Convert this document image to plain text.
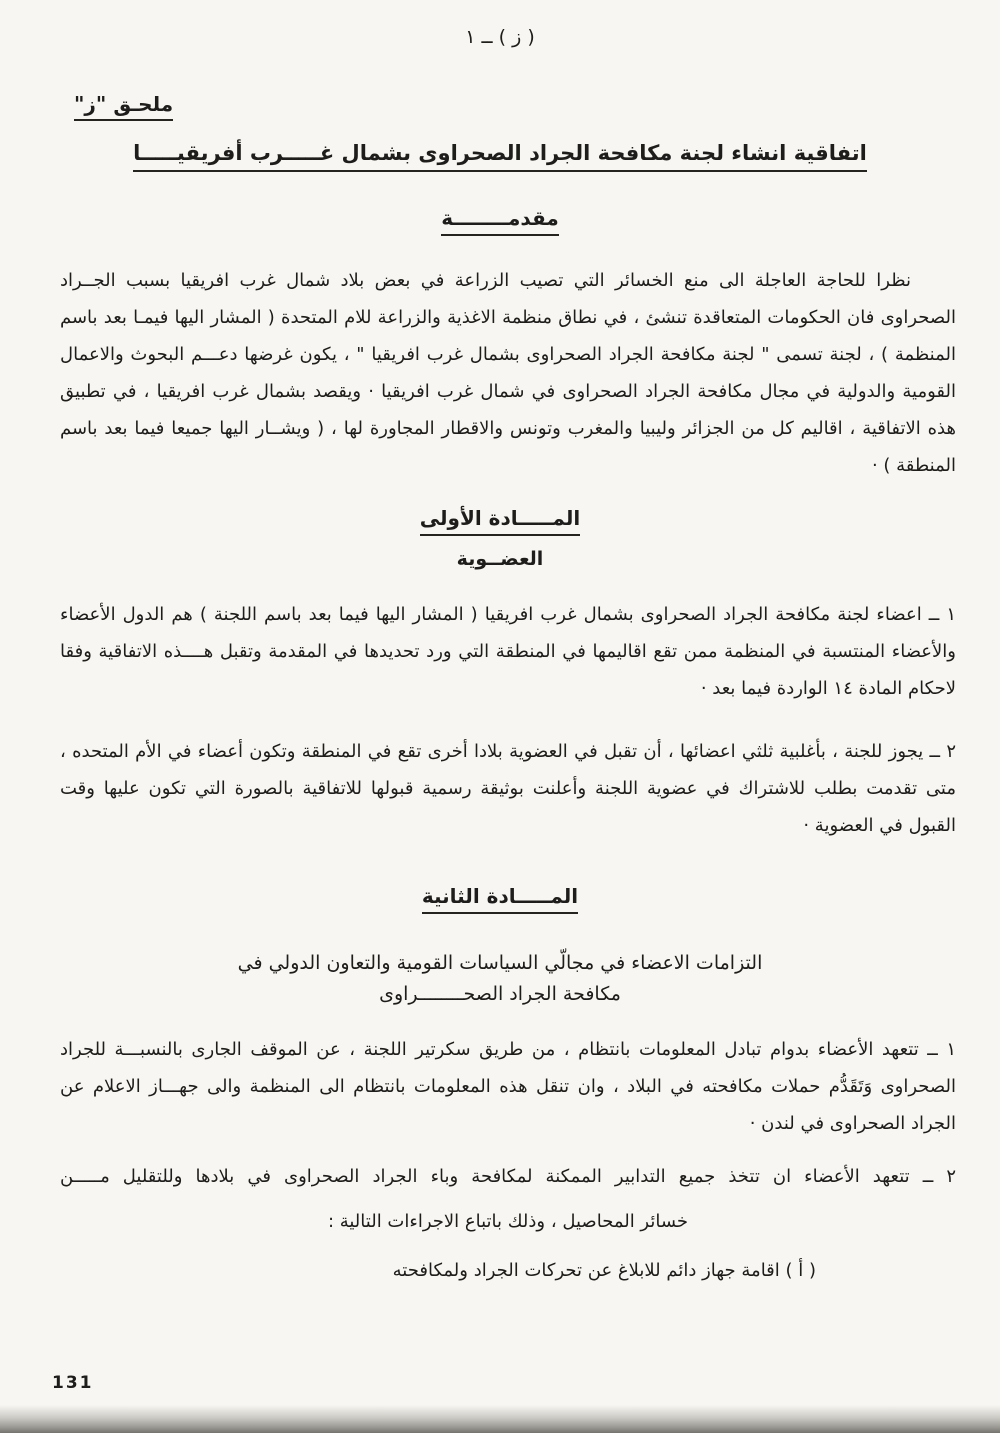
( ز ) ــ ١
ملحـق "ز"
اتفاقية انشاء لجنة مكافحة الجراد الصحراوى بشمال غـــــرب أفريقيـــــا
مقدمــــــــة

نظرا للحاجة العاجلة الى منع الخسائر التي تصيب الزراعة في بعض بلاد شمال غرب افريقيا بسبب الجــراد الصحراوى فان الحكومات المتعاقدة تنشئ ، في نطاق منظمة الاغذية والزراعة للام المتحدة ( المشار اليها فيمـا بعد باسم المنظمة ) ، لجنة تسمى " لجنة مكافحة الجراد الصحراوى بشمال غرب افريقيا " ، يكون غرضها دعـــم البحوث والاعمال القومية والدولية في مجال مكافحة الجراد الصحراوى في شمال غرب افريقيا · ويقصد بشمال غرب افريقيا ، في تطبيق هذه الاتفاقية ، اقاليم كل من الجزائر وليبيا والمغرب وتونس والاقطار المجاورة لها ، ( ويشــار اليها جميعا فيما بعد باسم المنطقة ) ·

المـــــادة الأولى
العضــوية

١ ــ اعضاء لجنة مكافحة الجراد الصحراوى بشمال غرب افريقيا ( المشار اليها فيما بعد باسم اللجنة ) هم الدول الأعضاء والأعضاء المنتسبة في المنظمة ممن تقع اقاليمها في المنطقة التي ورد تحديدها في المقدمة وتقبل هــــذه الاتفاقية وفقا لاحكام المادة ١٤ الواردة فيما بعد ·

٢ ــ يجوز للجنة ، بأغلبية ثلثي اعضائها ، أن تقبل في العضوية بلادا أخرى تقع في المنطقة وتكون أعضاء في الأم المتحده ، متى تقدمت بطلب للاشتراك في عضوية اللجنة وأعلنت بوثيقة رسمية قبولها للاتفاقية بالصورة التي تكون عليها وقت القبول في العضوية ·

المـــــادة الثانية
التزامات الاعضاء في مجالّي السياسات القومية والتعاون الدولي في
مكافحة الجراد الصحــــــــراوى

١ ــ تتعهد الأعضاء بدوام تبادل المعلومات بانتظام ، من طريق سكرتير اللجنة ، عن الموقف الجارى بالنسبـــة للجراد الصحراوى وَتَقَدُّم حملات مكافحته في البلاد ، وان تنقل هذه المعلومات بانتظام الى المنظمة والى جهـــاز الاعلام عن الجراد الصحراوى في لندن ·

٢ ــ تتعهد الأعضاء ان تتخذ جميع التدابير الممكنة لمكافحة وباء الجراد الصحراوى في بلادها وللتقليل مـــــن
خسائر المحاصيل ، وذلك باتباع الاجراءات التالية :
( أ ) اقامة جهاز دائم للابلاغ عن تحركات الجراد ولمكافحته
131
